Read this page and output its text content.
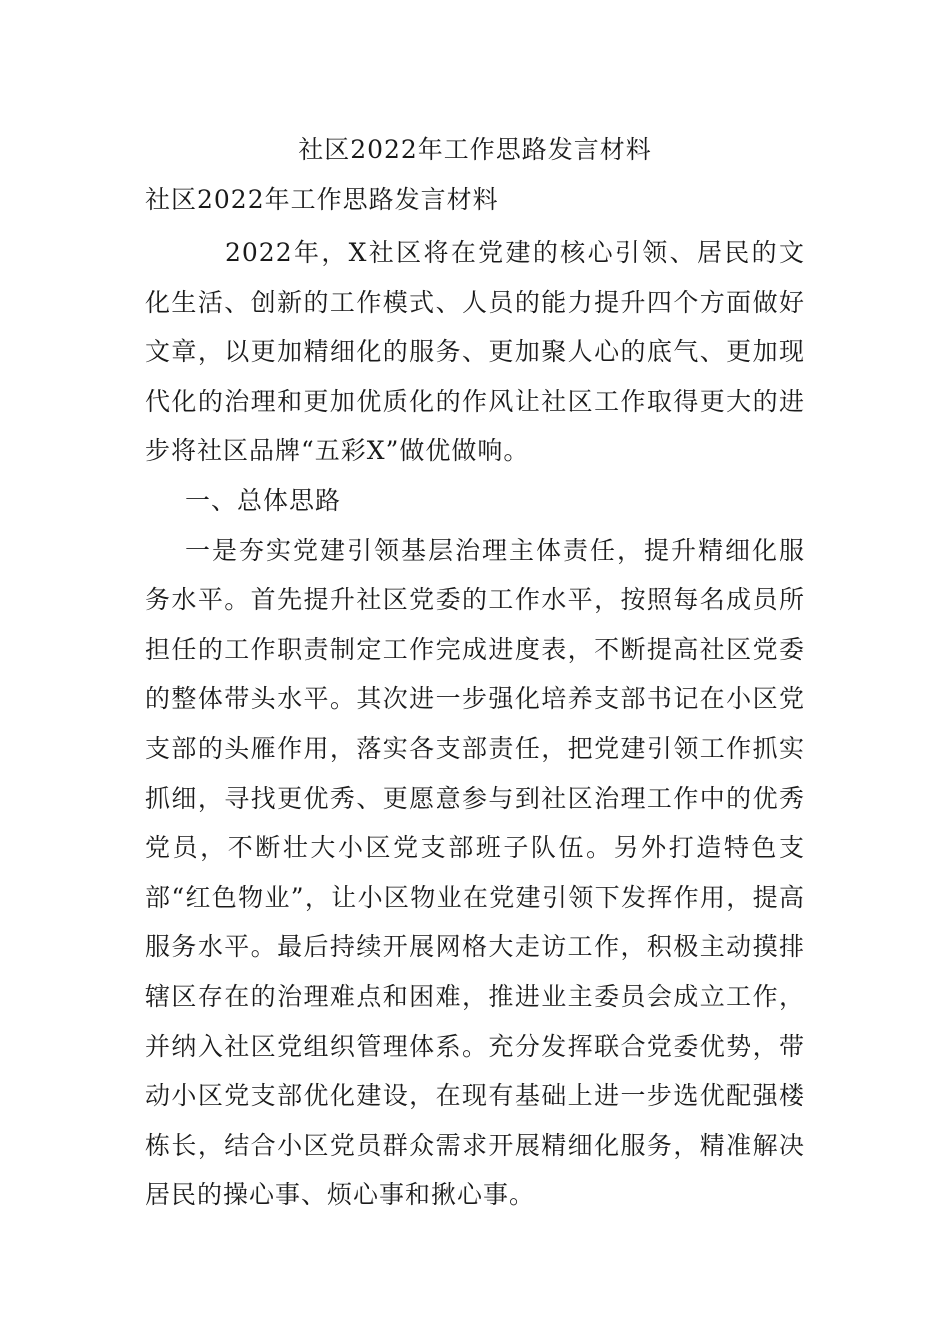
社区2022年工作思路发言材料
社区2022年工作思路发言材料

2022年，X社区将在党建的核心引领、居民的文化生活、创新的工作模式、人员的能力提升四个方面做好文章，以更加精细化的服务、更加聚人心的底气、更加现代化的治理和更加优质化的作风让社区工作取得更大的进步将社区品牌“五彩X”做优做响。

一、总体思路

一是夯实党建引领基层治理主体责任，提升精细化服务水平。首先提升社区党委的工作水平，按照每名成员所担任的工作职责制定工作完成进度表，不断提高社区党委的整体带头水平。其次进一步强化培养支部书记在小区党支部的头雁作用，落实各支部责任，把党建引领工作抓实抓细，寻找更优秀、更愿意参与到社区治理工作中的优秀党员，不断壮大小区党支部班子队伍。另外打造特色支部“红色物业”，让小区物业在党建引领下发挥作用，提高服务水平。最后持续开展网格大走访工作，积极主动摸排辖区存在的治理难点和困难，推进业主委员会成立工作，并纳入社区党组织管理体系。充分发挥联合党委优势，带动小区党支部优化建设，在现有基础上进一步选优配强楼栋长，结合小区党员群众需求开展精细化服务，精准解决居民的操心事、烦心事和揪心事。
